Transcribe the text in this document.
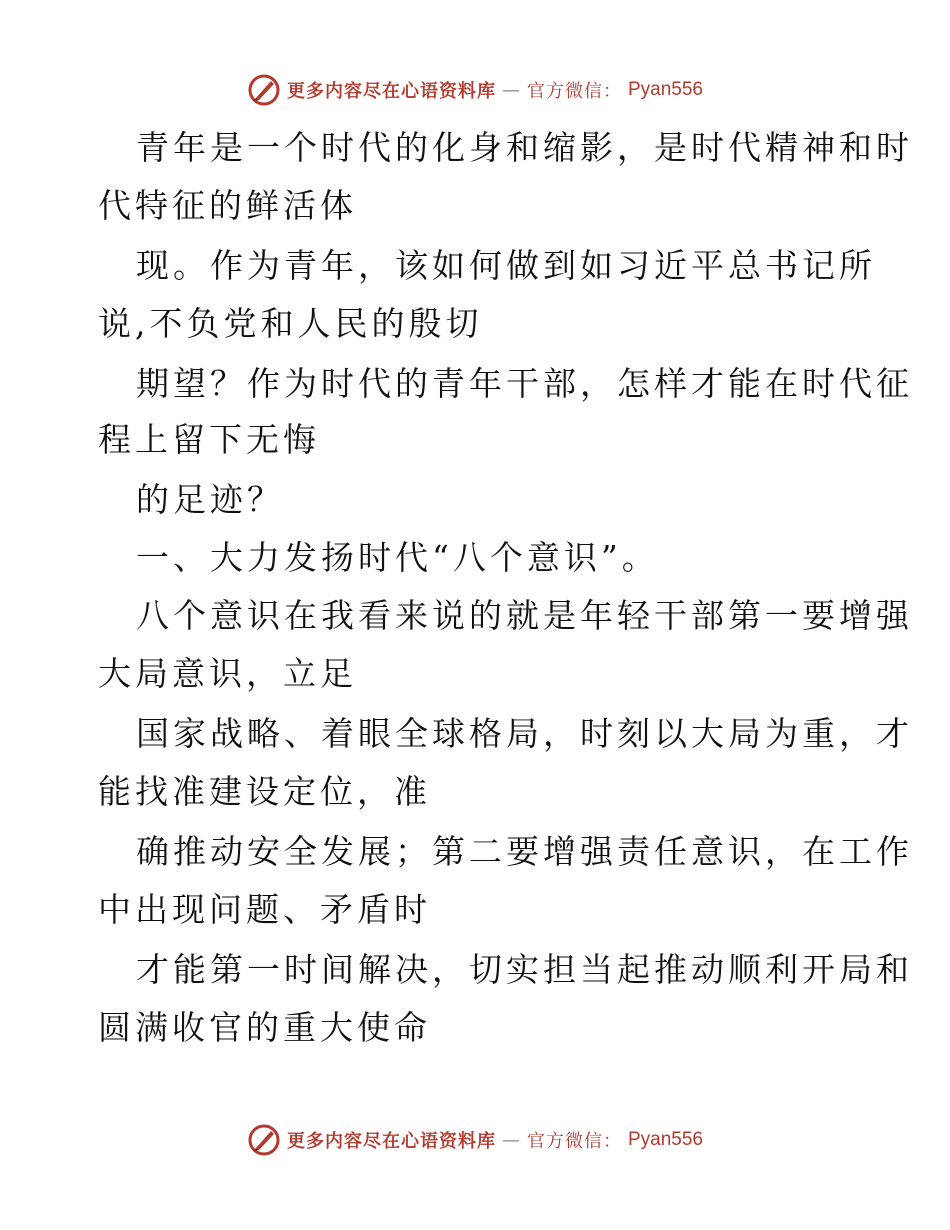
更多内容尽在心语资料库 — 官方微信： Pyan556
青年是一个时代的化身和缩影，是时代精神和时
代特征的鲜活体
现。作为青年，该如何做到如习近平总书记所
说,不负党和人民的殷切
期望？作为时代的青年干部，怎样才能在时代征
程上留下无悔
的足迹？
一、大力发扬时代“八个意识”。
八个意识在我看来说的就是年轻干部第一要增强
大局意识，立足
国家战略、着眼全球格局，时刻以大局为重，才
能找准建设定位，准
确推动安全发展；第二要增强责任意识，在工作
中出现问题、矛盾时
才能第一时间解决，切实担当起推动顺利开局和
圆满收官的重大使命
更多内容尽在心语资料库 — 官方微信： Pyan556
